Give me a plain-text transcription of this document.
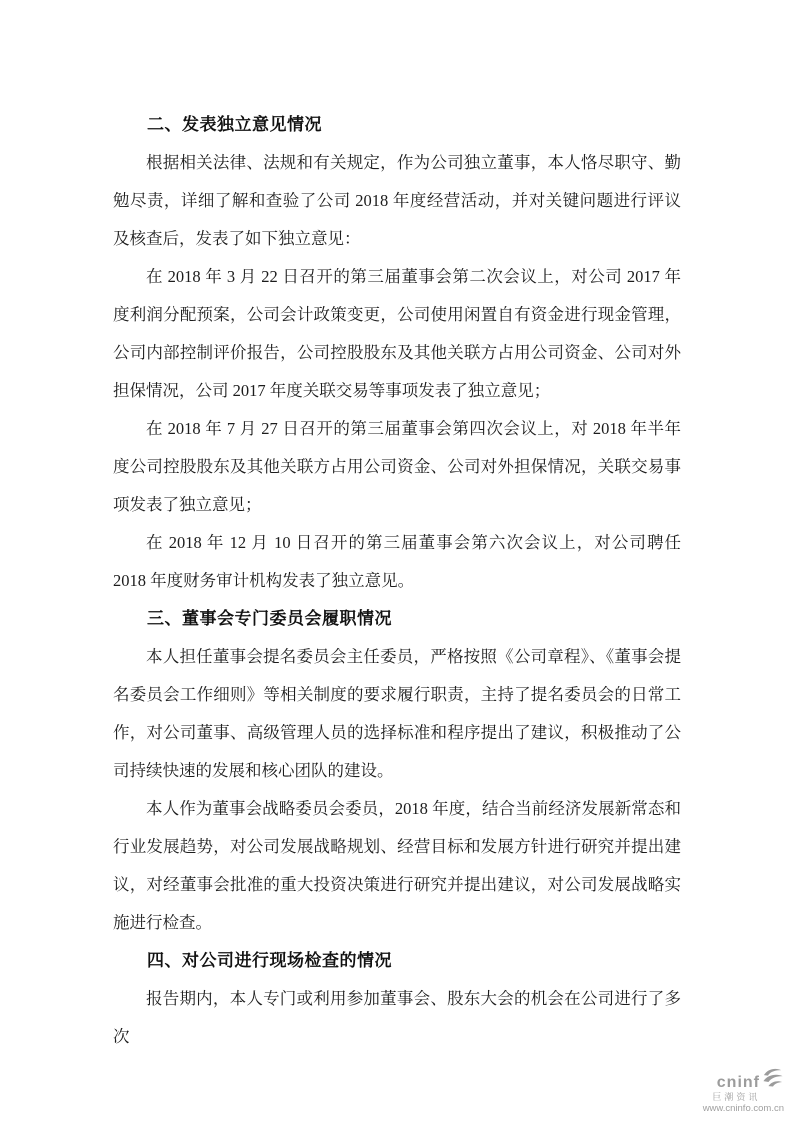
二、发表独立意见情况

根据相关法律、法规和有关规定，作为公司独立董事，本人恪尽职守、勤勉尽责，详细了解和查验了公司 2018 年度经营活动，并对关键问题进行评议及核查后，发表了如下独立意见：

在 2018 年 3 月 22 日召开的第三届董事会第二次会议上，对公司 2017 年度利润分配预案，公司会计政策变更，公司使用闲置自有资金进行现金管理，公司内部控制评价报告，公司控股股东及其他关联方占用公司资金、公司对外担保情况，公司 2017 年度关联交易等事项发表了独立意见；

在 2018 年 7 月 27 日召开的第三届董事会第四次会议上，对 2018 年半年度公司控股股东及其他关联方占用公司资金、公司对外担保情况，关联交易事项发表了独立意见；

在 2018 年 12 月 10 日召开的第三届董事会第六次会议上，对公司聘任 2018 年度财务审计机构发表了独立意见。

三、董事会专门委员会履职情况

本人担任董事会提名委员会主任委员，严格按照《公司章程》、《董事会提名委员会工作细则》等相关制度的要求履行职责，主持了提名委员会的日常工作，对公司董事、高级管理人员的选择标准和程序提出了建议，积极推动了公司持续快速的发展和核心团队的建设。

本人作为董事会战略委员会委员，2018 年度，结合当前经济发展新常态和行业发展趋势，对公司发展战略规划、经营目标和发展方针进行研究并提出建议，对经董事会批准的重大投资决策进行研究并提出建议，对公司发展战略实施进行检查。

四、对公司进行现场检查的情况

报告期内，本人专门或利用参加董事会、股东大会的机会在公司进行了多次

cninf
巨潮资讯
www.cninfo.com.cn
